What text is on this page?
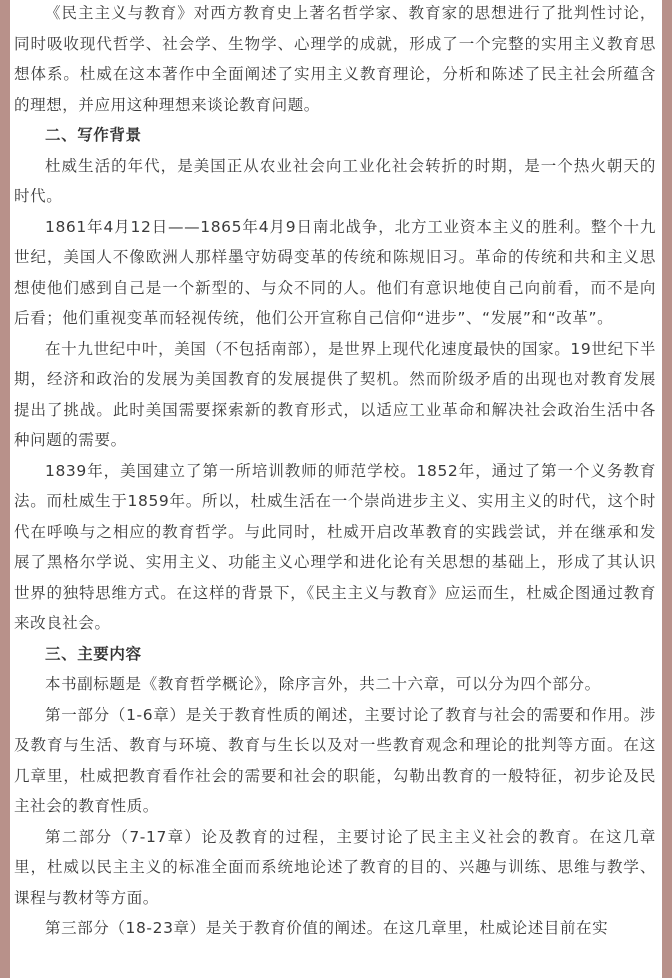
《民主主义与教育》对西方教育史上著名哲学家、教育家的思想进行了批判性讨论，同时吸收现代哲学、社会学、生物学、心理学的成就，形成了一个完整的实用主义教育思想体系。杜威在这本著作中全面阐述了实用主义教育理论，分析和陈述了民主社会所蕴含的理想，并应用这种理想来谈论教育问题。

二、写作背景

杜威生活的年代，是美国正从农业社会向工业化社会转折的时期，是一个热火朝天的时代。

1861年4月12日——1865年4月9日南北战争，北方工业资本主义的胜利。整个十九世纪，美国人不像欧洲人那样墨守妨碍变革的传统和陈规旧习。革命的传统和共和主义思想使他们感到自己是一个新型的、与众不同的人。他们有意识地使自己向前看，而不是向后看；他们重视变革而轻视传统，他们公开宣称自己信仰“进步”、“发展”和“改革”。

在十九世纪中叶，美国（不包括南部），是世界上现代化速度最快的国家。19世纪下半期，经济和政治的发展为美国教育的发展提供了契机。然而阶级矛盾的出现也对教育发展提出了挑战。此时美国需要探索新的教育形式，以适应工业革命和解决社会政治生活中各种问题的需要。

1839年，美国建立了第一所培训教师的师范学校。1852年，通过了第一个义务教育法。而杜威生于1859年。所以，杜威生活在一个崇尚进步主义、实用主义的时代，这个时代在呼唤与之相应的教育哲学。与此同时，杜威开启改革教育的实践尝试，并在继承和发展了黑格尔学说、实用主义、功能主义心理学和进化论有关思想的基础上，形成了其认识世界的独特思维方式。在这样的背景下，《民主主义与教育》应运而生，杜威企图通过教育来改良社会。

三、主要内容

本书副标题是《教育哲学概论》，除序言外，共二十六章，可以分为四个部分。

第一部分（1-6章）是关于教育性质的阐述，主要讨论了教育与社会的需要和作用。涉及教育与生活、教育与环境、教育与生长以及对一些教育观念和理论的批判等方面。在这几章里，杜威把教育看作社会的需要和社会的职能，勾勒出教育的一般特征，初步论及民主社会的教育性质。

第二部分（7-17章）论及教育的过程，主要讨论了民主主义社会的教育。在这几章里，杜威以民主主义的标准全面而系统地论述了教育的目的、兴趣与训练、思维与教学、课程与教材等方面。

第三部分（18-23章）是关于教育价值的阐述。在这几章里，杜威论述目前在实
